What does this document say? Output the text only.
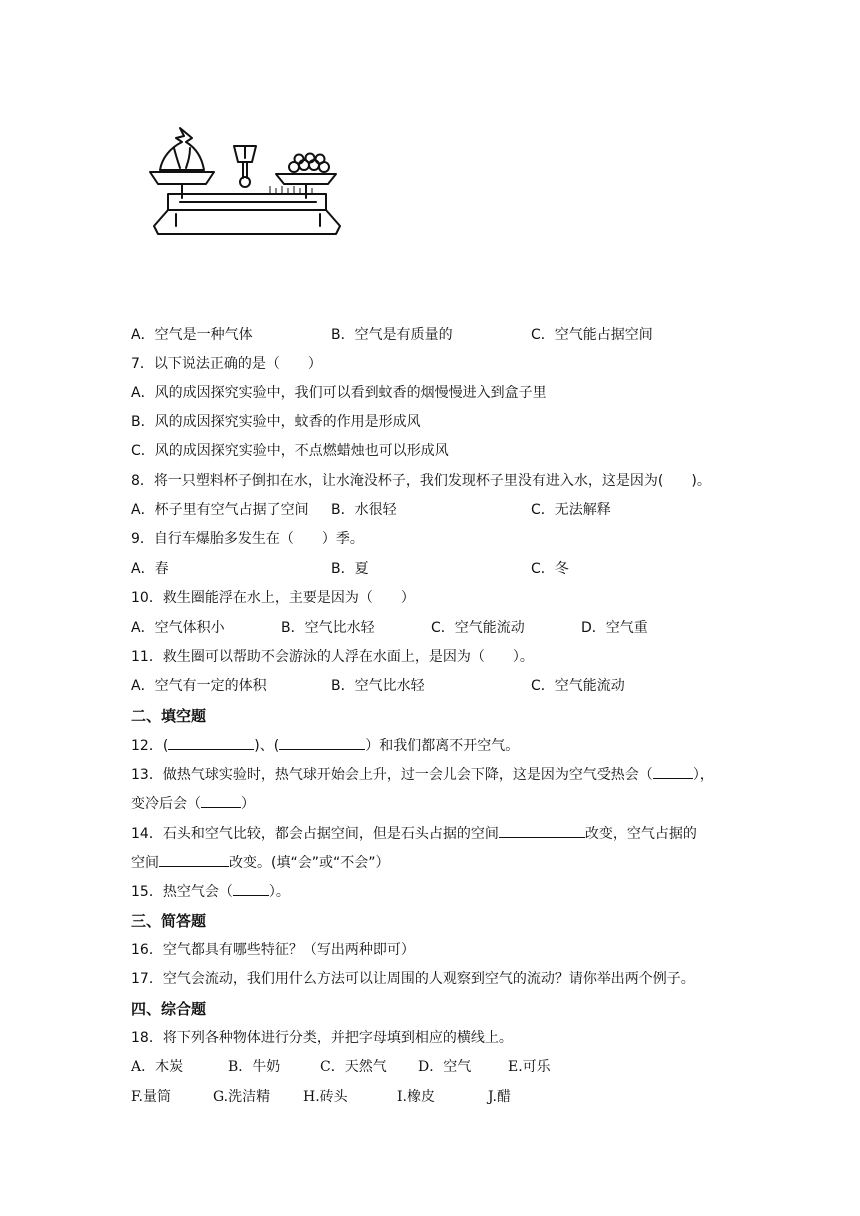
A．空气是一种气体	B．空气是有质量的	C．空气能占据空间
7．以下说法正确的是（　　）
A．风的成因探究实验中，我们可以看到蚊香的烟慢慢进入到盒子里
B．风的成因探究实验中，蚊香的作用是形成风
C．风的成因探究实验中，不点燃蜡烛也可以形成风
8．将一只塑料杯子倒扣在水，让水淹没杯子，我们发现杯子里没有进入水，这是因为(　　)。
A．杯子里有空气占据了空间 B．水很轻	C．无法解释
9．自行车爆胎多发生在（　　）季。
A．春	B．夏	C．冬
10．救生圈能浮在水上，主要是因为（　　）
A．空气体积小	B．空气比水轻	C．空气能流动	D．空气重
11．救生圈可以帮助不会游泳的人浮在水面上，是因为（　　）。
A．空气有一定的体积	B．空气比水轻	C．空气能流动
二、填空题
12．(	)、(	）和我们都离不开空气。
13．做热气球实验时，热气球开始会上升，过一会儿会下降，这是因为空气受热会（	），
变冷后会（	）
14．石头和空气比较，都会占据空间，但是石头占据的空间	改变，空气占据的
空间	改变。(填“会”或“不会”）
15．热空气会（	）。
三、简答题
16．空气都具有哪些特征？（写出两种即可）
17．空气会流动，我们用什么方法可以让周围的人观察到空气的流动？请你举出两个例子。
四、综合题
18．将下列各种物体进行分类，并把字母填到相应的横线上。
A．木炭	B．牛奶	C．天然气 D．空气	E.可乐
F.量筒	G.洗洁精 H.砖头	I.橡皮	J.醋
